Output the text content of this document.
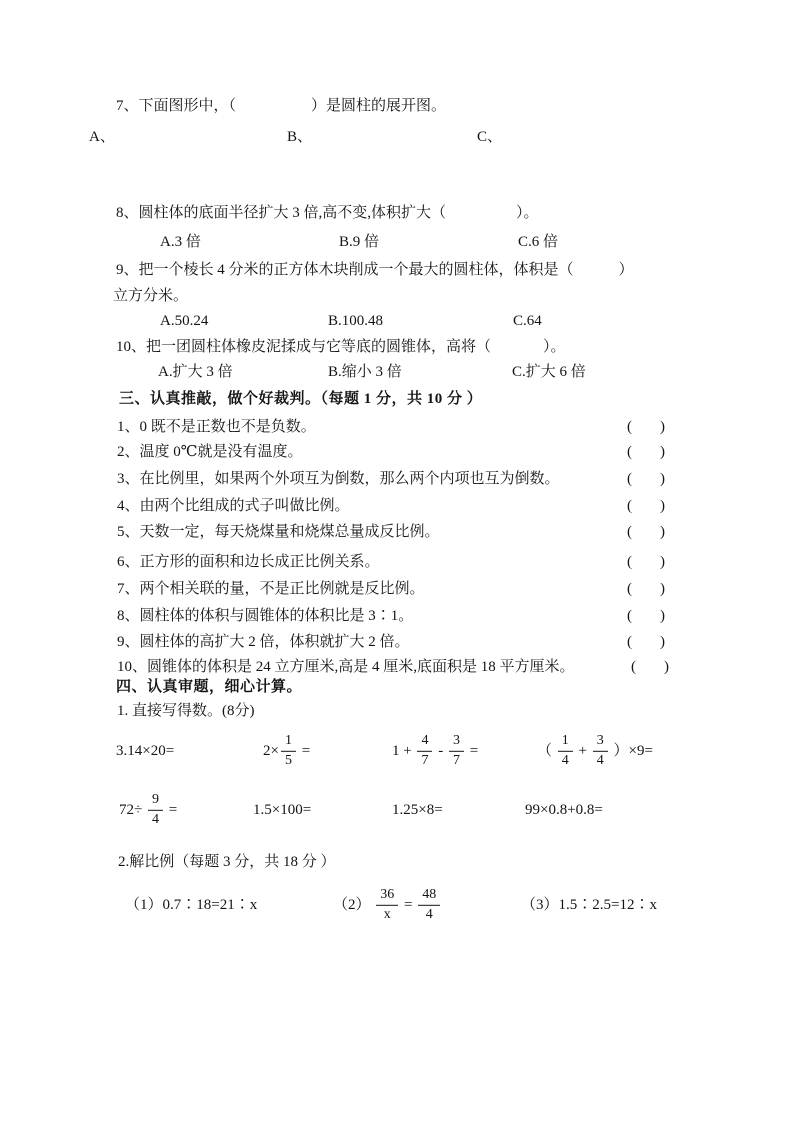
7、下面图形中，（	）是圆柱的展开图。
A、	B、	C、
8、圆柱体的底面半径扩大 3 倍,高不变,体积扩大（	）。
A.3 倍	B.9 倍	C.6 倍
9、把一个棱长 4 分米的正方体木块削成一个最大的圆柱体，体积是（	）
立方分米。
A.50.24	B.100.48	C.64
10、把一团圆柱体橡皮泥揉成与它等底的圆锥体，高将（	）。
A.扩大 3 倍	B.缩小 3 倍	C.扩大 6 倍
三、认真推敲，做个好裁判。（每题 1 分，共 10 分 ）
1、0 既不是正数也不是负数。	( )
2、温度 0℃就是没有温度。	( )
3、在比例里，如果两个外项互为倒数，那么两个内项也互为倒数。	( )
4、由两个比组成的式子叫做比例。	( )
5、天数一定，每天烧煤量和烧煤总量成反比例。	( )
6、正方形的面积和边长成正比例关系。	( )
7、两个相关联的量，不是正比例就是反比例。	( )
8、圆柱体的体积与圆锥体的体积比是 3∶1。	( )
9、圆柱体的高扩大 2 倍，体积就扩大 2 倍。	( )
10、圆锥体的体积是 24 立方厘米,高是 4 厘米,底面积是 18 平方厘米。	( )
四、认真审题，细心计算。
1. 直接写得数。(8分)
3.14×20=	$2\times \frac{1}{5}$ =	$1 + \frac{4}{7} - \frac{3}{7}$ =	（ $\frac{1}{4} + \frac{3}{4} )\times 9=$
$72\div \frac{9}{4}$ =	1.5×100=	1.25×8=	99×0.8+0.8=
2.解比例（每题 3 分，共 18 分 ）
（1）0.7∶18=21∶x	$(2) \frac{36}{x} = \frac{48}{4}$	（3）1.5∶2.5=12∶x
